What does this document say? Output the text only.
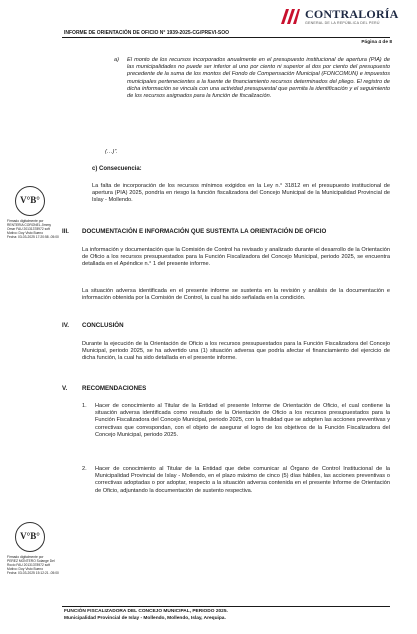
CONTRALORÍA
GENERAL DE LA REPÚBLICA DEL PERÚ
INFORME DE ORIENTACIÓN DE OFICIO N° 1939-2025-CG/PREVI-SOO
Página 4 de 8
a) El monto de los recursos incorporados anualmente en el presupuesto institucional de apertura (PIA) de las municipalidades no puede ser inferior al uno por ciento ni superior al dos por ciento del presupuesto precedente de la suma de los montos del Fondo de Compensación Municipal (FONCOMUN) e impuestos municipales pertenecientes a la fuente de financiamiento recursos determinados del pliego. El registro de dicha información se vincula con una actividad presupuestal que permita la identificación y el seguimiento de los recursos asignados para la función de fiscalización.
(…)”.
c) Consecuencia:
La falta de incorporación de los recursos mínimos exigidos en la Ley n.° 31812 en el presupuesto institucional de apertura (PIA) 2025, pondría en riesgo la función fiscalizadora del Concejo Municipal de la Municipalidad Provincial de Islay - Mollendo.
III. DOCUMENTACIÓN E INFORMACIÓN QUE SUSTENTA LA ORIENTACIÓN DE OFICIO
La información y documentación que la Comisión de Control ha revisado y analizado durante el desarrollo de la Orientación de Oficio a los recursos presupuestados para la Función Fiscalizadora del Concejo Municipal, periodo 2025, se encuentra detallada en el Apéndice n.° 1 del presente informe.
La situación adversa identificada en el presente informe se sustenta en la revisión y análisis de la documentación e información obtenida por la Comisión de Control, la cual ha sido señalada en la condición.
IV. CONCLUSIÓN
Durante la ejecución de la Orientación de Oficio a los recursos presupuestados para la Función Fiscalizadora del Concejo Municipal, periodo 2025, se ha advertido una (1) situación adversa que podría afectar el financiamiento del ejercicio de dicha función, la cual ha sido detallada en el presente informe.
V. RECOMENDACIONES
1. Hacer de conocimiento al Titular de la Entidad el presente Informe de Orientación de Oficio, el cual contiene la situación adversa identificada como resultado de la Orientación de Oficio a los recursos presupuestados para la Función Fiscalizadora del Concejo Municipal, periodo 2025, con la finalidad que se adopten las acciones preventivas y correctivas que correspondan, con el objeto de asegurar el logro de los objetivos de la Función Fiscalizadora del Concejo Municipal, periodo 2025.
2. Hacer de conocimiento al Titular de la Entidad que debe comunicar al Órgano de Control Institucional de la Municipalidad Provincial de Islay - Mollendo, en el plazo máximo de cinco (5) días hábiles, las acciones preventivas o correctivas adoptadas o por adoptar, respecto a la situación adversa contenida en el presente Informe de Orientación de Oficio, adjuntando la documentación de sustento respectiva.
V°B°
Firmado digitalmente por
RENTERIA CORONEL Jimmy
Omar FAU 20131378972 soft
Motivo: Doy Visto Bueno
Fecha: 03-03-2025 17:20:58 -05:00
V°B°
Firmado digitalmente por
PEREZ MONTERO Solange Del
Rocio FAU 20131378972 soft
Motivo: Doy Visto Bueno
Fecha: 03-03-2025 15:12:21 -05:00
FUNCIÓN FISCALIZADORA DEL CONCEJO MUNICIPAL, PERIODO 2025.
Municipalidad Provincial de Islay - Mollendo, Mollendo, Islay, Arequipa.
